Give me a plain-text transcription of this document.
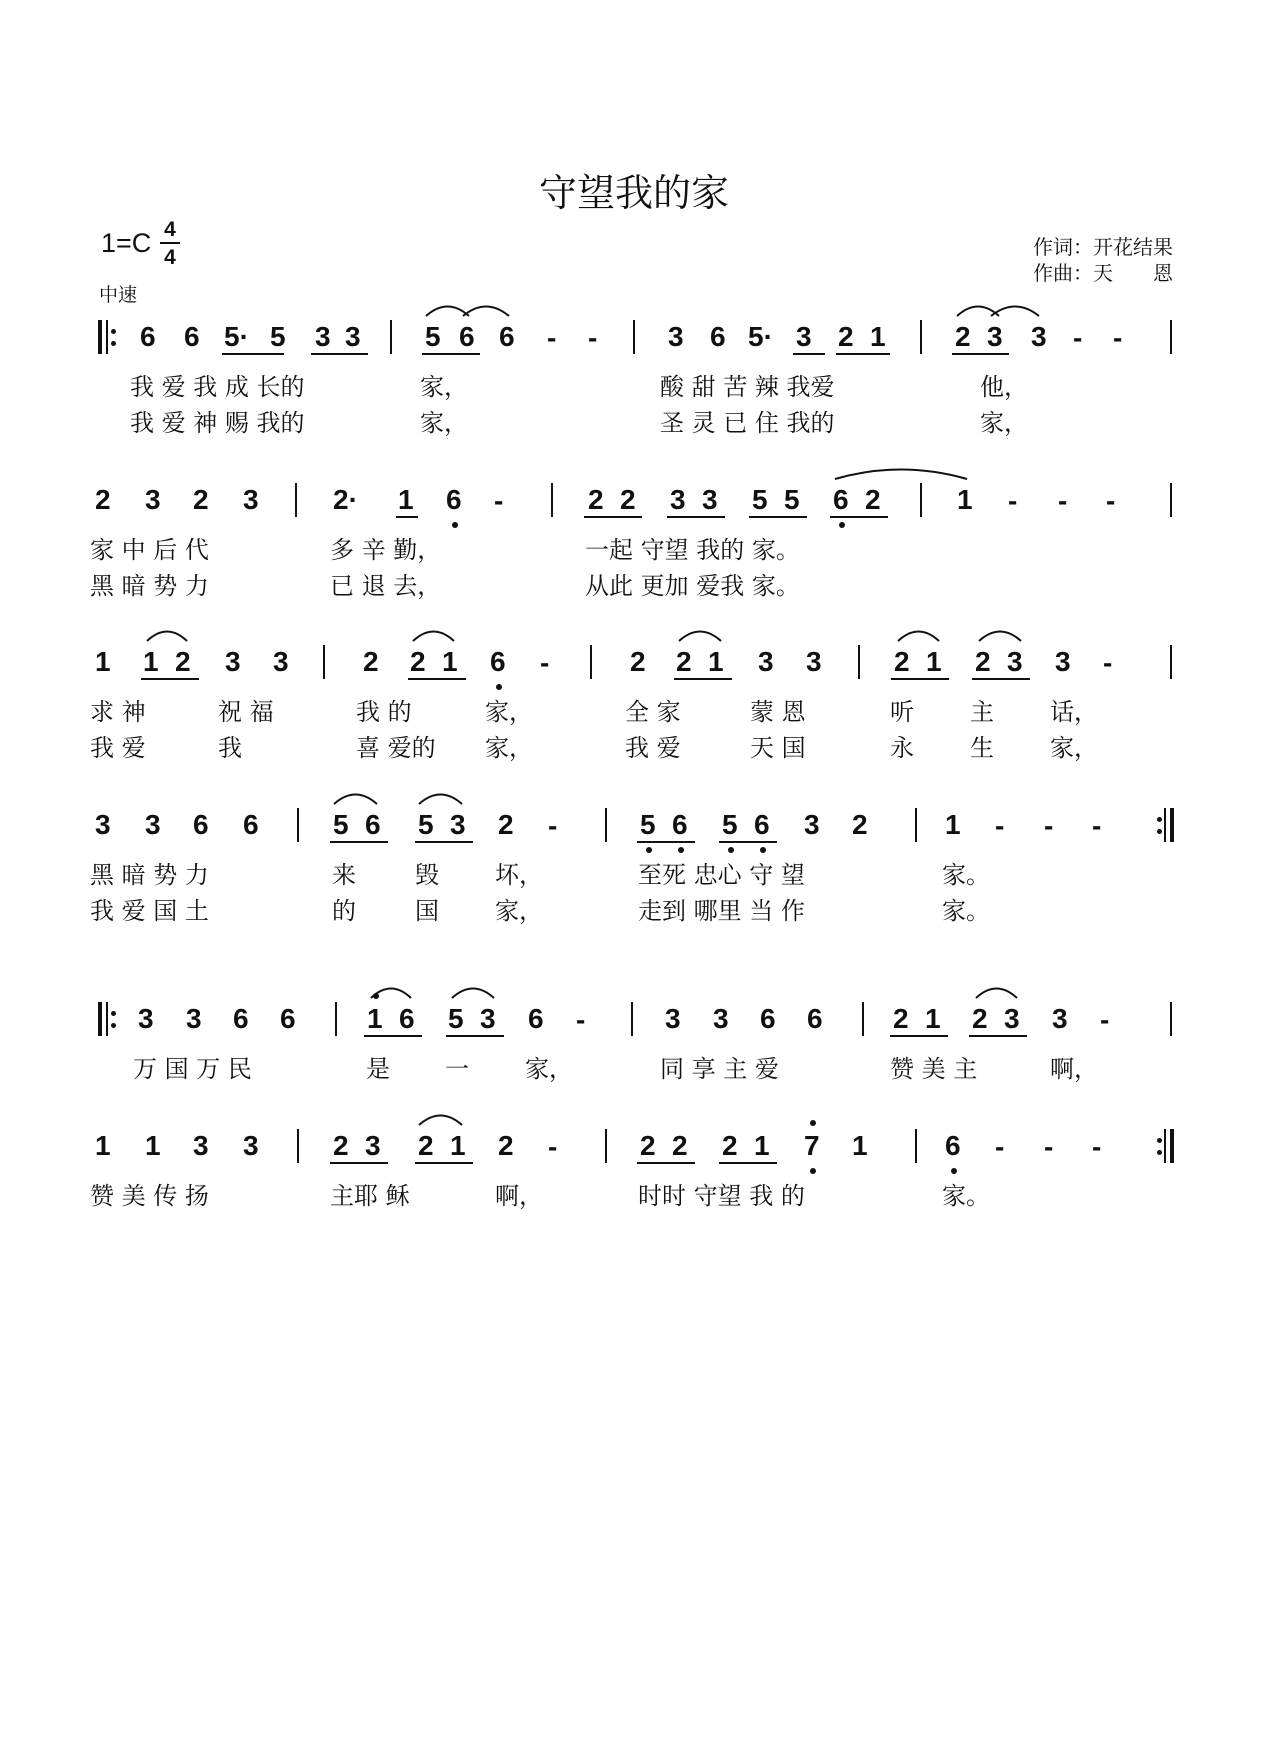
守望我的家
1=C 4
4
中速
作词：开花结果
作曲：天　　恩
6 6 5· 5 3 3 5 6 6 - -	3 6 5· 3 2 1 2 3 3 - -
我 爱 我 成 长的	家，	酸 甜 苦 辣 我爱	他，
我 爱 神 赐 我的	家，	圣 灵 已 住 我的	家，
2 3 2 3	2· 1 6 -	2 2 3 3 5 5 6 2	1 - - -
家 中 后 代	多 辛 勤，	一起 守望 我的 家。
黑 暗 势 力	已 退 去，	从此 更加 爱我 家。
1 1 2 3 3	2 2 1 6 -	2 2 1 3 3	2 1 2 3 3 -
求 神	祝 福	我 的	家，	全 家	蒙 恩	听 主 话，
我 爱	我	喜 爱的 家，	我 爱	天 国	永 生 家，
3 3 6 6	5 6 5 3 2 -	5 6 5 6 3 2	1 - - -
黑 暗 势 力	来 毁 坏，	至死 忠心 守 望	家。
我 爱 国 土	的 国 家，	走到 哪里 当 作	家。
3 3 6 6	1 6 5 3 6 -	3 3 6 6	2 1 2 3 3 -
万 国 万 民	是 一 家，	同 享 主 爱	赞 美 主	啊，
1 1 3 3	2 3 2 1 2 -	2 2 2 1 7 1	6 - - -
赞 美 传 扬	主耶 稣	啊，	时时 守望 我 的	家。
